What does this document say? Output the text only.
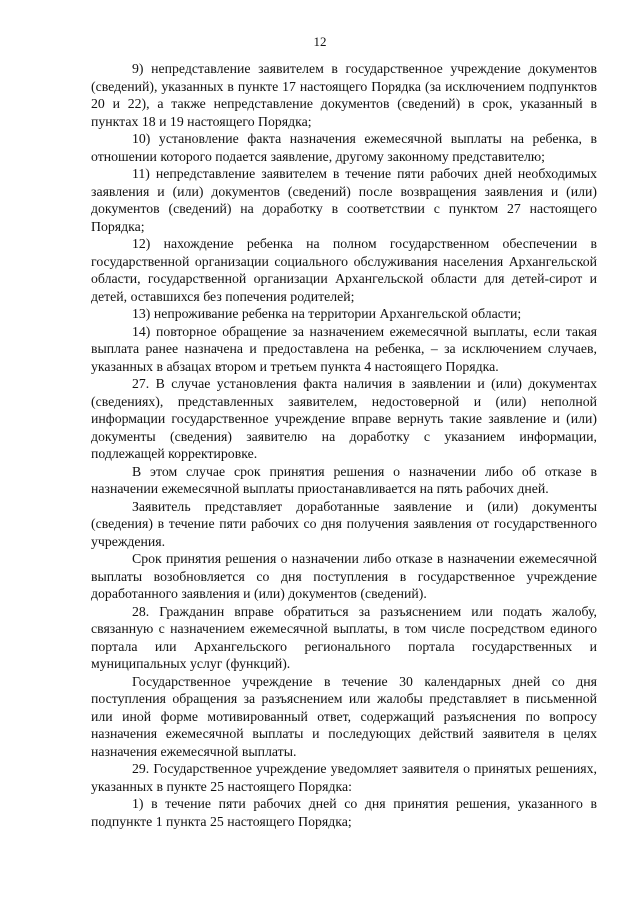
12

9) непредставление заявителем в государственное учреждение документов (сведений), указанных в пункте 17 настоящего Порядка (за исключением подпунктов 20 и 22), а также непредставление документов (сведений) в срок, указанный в пунктах 18 и 19 настоящего Порядка;

10) установление факта назначения ежемесячной выплаты на ребенка, в отношении которого подается заявление, другому законному представителю;

11) непредставление заявителем в течение пяти рабочих дней необходимых заявления и (или) документов (сведений) после возвращения заявления и (или) документов (сведений) на доработку в соответствии с пунктом 27 настоящего Порядка;

12) нахождение ребенка на полном государственном обеспечении в государственной организации социального обслуживания населения Архангельской области, государственной организации Архангельской области для детей-сирот и детей, оставшихся без попечения родителей;

13) непроживание ребенка на территории Архангельской области;

14) повторное обращение за назначением ежемесячной выплаты, если такая выплата ранее назначена и предоставлена на ребенка, – за исключением случаев, указанных в абзацах втором и третьем пункта 4 настоящего Порядка.

27. В случае установления факта наличия в заявлении и (или) документах (сведениях), представленных заявителем, недостоверной и (или) неполной информации государственное учреждение вправе вернуть такие заявление и (или) документы (сведения) заявителю на доработку с указанием информации, подлежащей корректировке.

В этом случае срок принятия решения о назначении либо об отказе в назначении ежемесячной выплаты приостанавливается на пять рабочих дней.

Заявитель представляет доработанные заявление и (или) документы (сведения) в течение пяти рабочих со дня получения заявления от государственного учреждения.

Срок принятия решения о назначении либо отказе в назначении ежемесячной выплаты возобновляется со дня поступления в государственное учреждение доработанного заявления и (или) документов (сведений).

28. Гражданин вправе обратиться за разъяснением или подать жалобу, связанную с назначением ежемесячной выплаты, в том числе посредством единого портала или Архангельского регионального портала государственных и муниципальных услуг (функций).

Государственное учреждение в течение 30 календарных дней со дня поступления обращения за разъяснением или жалобы представляет в письменной или иной форме мотивированный ответ, содержащий разъяснения по вопросу назначения ежемесячной выплаты и последующих действий заявителя в целях назначения ежемесячной выплаты.

29. Государственное учреждение уведомляет заявителя о принятых решениях, указанных в пункте 25 настоящего Порядка:

1) в течение пяти рабочих дней со дня принятия решения, указанного в подпункте 1 пункта 25 настоящего Порядка;
